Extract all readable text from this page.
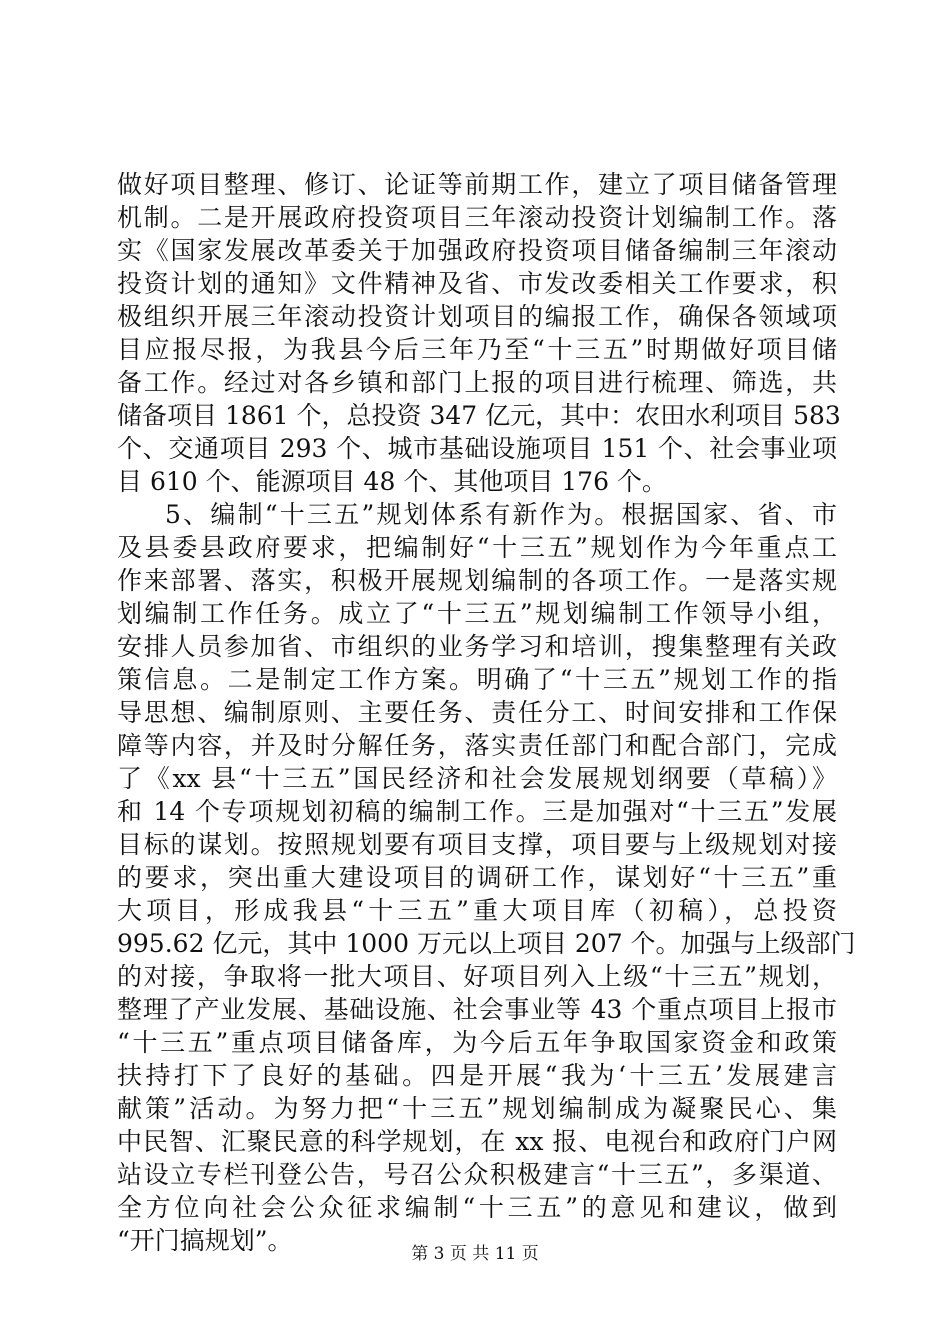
做好项目整理、修订、论证等前期工作，建立了项目储备管理
机制。二是开展政府投资项目三年滚动投资计划编制工作。落
实《国家发展改革委关于加强政府投资项目储备编制三年滚动
投资计划的通知》文件精神及省、市发改委相关工作要求，积
极组织开展三年滚动投资计划项目的编报工作，确保各领域项
目应报尽报，为我县今后三年乃至“十三五”时期做好项目储
备工作。经过对各乡镇和部门上报的项目进行梳理、筛选，共
储备项目 1861 个，总投资 347 亿元，其中：农田水利项目 583
个、交通项目 293 个、城市基础设施项目 151 个、社会事业项
目 610 个、能源项目 48 个、其他项目 176 个。
5、编制“十三五”规划体系有新作为。根据国家、省、市
及县委县政府要求，把编制好“十三五”规划作为今年重点工
作来部署、落实，积极开展规划编制的各项工作。一是落实规
划编制工作任务。成立了“十三五”规划编制工作领导小组，
安排人员参加省、市组织的业务学习和培训，搜集整理有关政
策信息。二是制定工作方案。明确了“十三五”规划工作的指
导思想、编制原则、主要任务、责任分工、时间安排和工作保
障等内容，并及时分解任务，落实责任部门和配合部门，完成
了《xx 县“十三五”国民经济和社会发展规划纲要（草稿）》
和 14 个专项规划初稿的编制工作。三是加强对“十三五”发展
目标的谋划。按照规划要有项目支撑，项目要与上级规划对接
的要求，突出重大建设项目的调研工作，谋划好“十三五”重
大项目，形成我县“十三五”重大项目库（初稿），总投资
995.62 亿元，其中 1000 万元以上项目 207 个。加强与上级部门
的对接，争取将一批大项目、好项目列入上级“十三五”规划，
整理了产业发展、基础设施、社会事业等 43 个重点项目上报市
“十三五”重点项目储备库，为今后五年争取国家资金和政策
扶持打下了良好的基础。四是开展“我为‘十三五’发展建言
献策”活动。为努力把“十三五”规划编制成为凝聚民心、集
中民智、汇聚民意的科学规划，在 xx 报、电视台和政府门户网
站设立专栏刊登公告，号召公众积极建言“十三五”，多渠道、
全方位向社会公众征求编制“十三五”的意见和建议，做到
“开门搞规划”。	第 3 页 共 11 页
